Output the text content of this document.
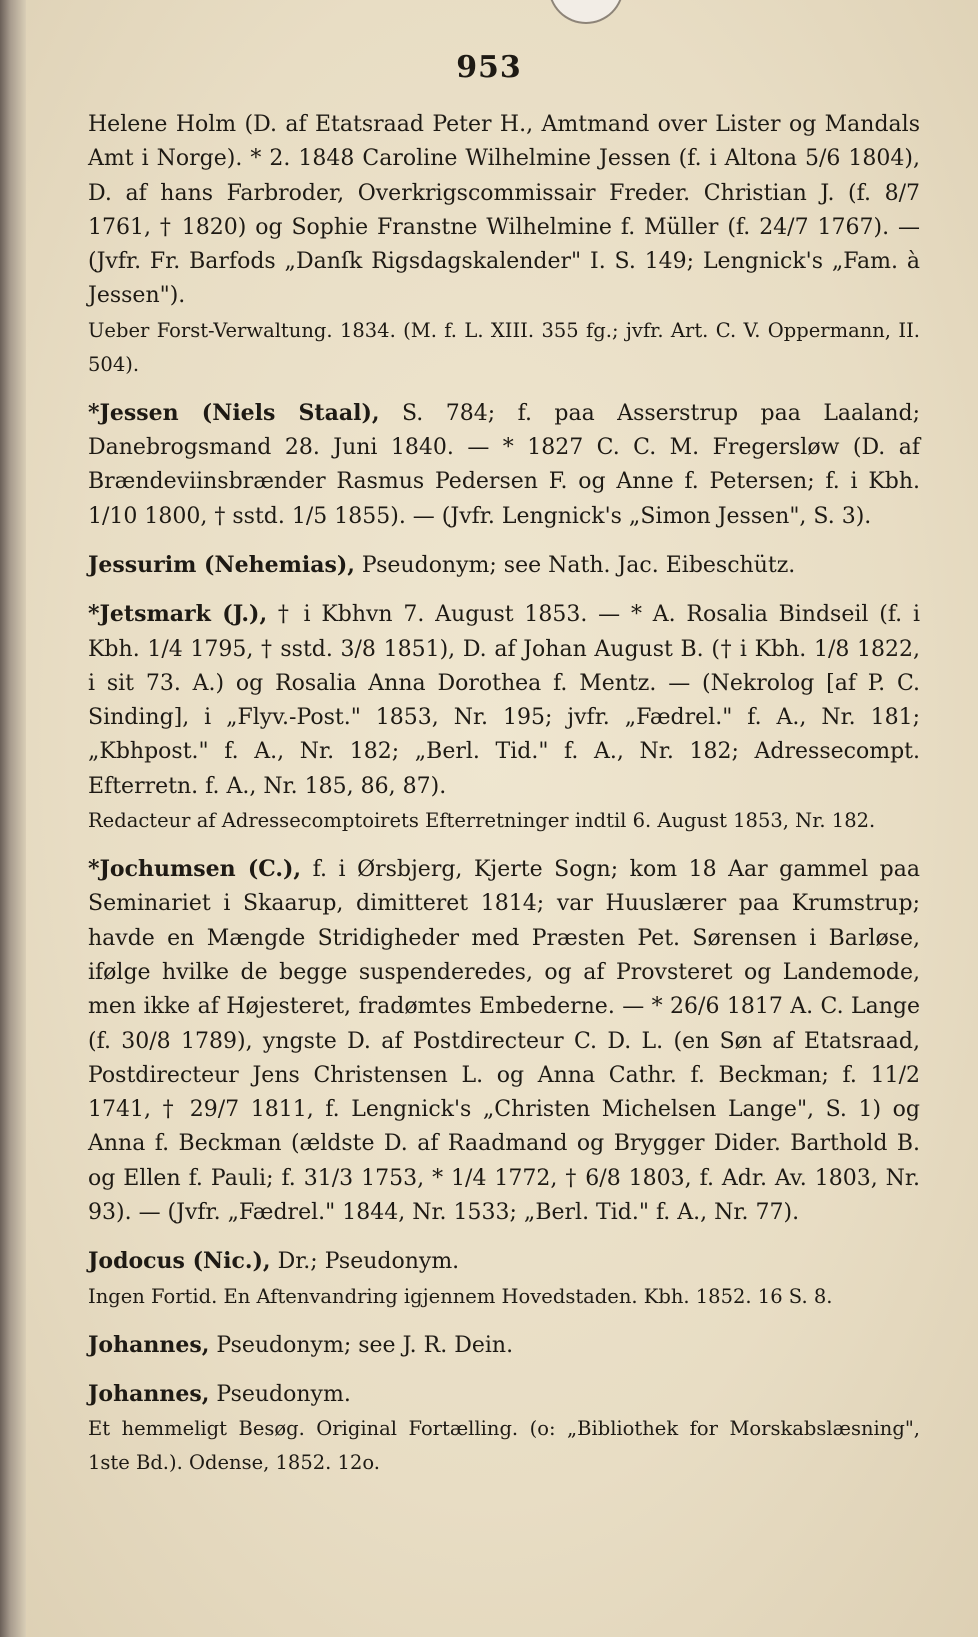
953

Helene Holm (D. af Etatsraad Peter H., Amtmand over Lister og Mandals Amt i Norge). * 2. 1848 Caroline Wilhelmine Jessen (f. i Altona 5/6 1804), D. af hans Farbroder, Overkrigscommissair Freder. Christian J. (f. 8/7 1761, † 1820) og Sophie Franstne Wilhelmine f. Müller (f. 24/7 1767). — (Jvfr. Fr. Barfods „Danſk Rigsdagskalender" I. S. 149; Lengnick's „Fam. à Jessen").

Ueber Forst-Verwaltung. 1834. (M. f. L. XIII. 355 fg.; jvfr. Art. C. V. Oppermann, II. 504).

*Jessen (Niels Staal), S. 784; f. paa Asserstrup paa Laaland; Danebrogsmand 28. Juni 1840. — * 1827 C. C. M. Fregersløw (D. af Brændeviinsbrænder Rasmus Pedersen F. og Anne f. Petersen; f. i Kbh. 1/10 1800, † sstd. 1/5 1855). — (Jvfr. Lengnick's „Simon Jessen", S. 3).

Jessurim (Nehemias), Pseudonym; see Nath. Jac. Eibeschütz.

*Jetsmark (J.), † i Kbhvn 7. August 1853. — * A. Rosalia Bindseil (f. i Kbh. 1/4 1795, † sstd. 3/8 1851), D. af Johan August B. († i Kbh. 1/8 1822, i sit 73. A.) og Rosalia Anna Dorothea f. Mentz. — (Nekrolog [af P. C. Sinding], i „Flyv.-Post." 1853, Nr. 195; jvfr. „Fædrel." f. A., Nr. 181; „Kbhpost." f. A., Nr. 182; „Berl. Tid." f. A., Nr. 182; Adressecompt. Efterretn. f. A., Nr. 185, 86, 87).

Redacteur af Adressecomptoirets Efterretninger indtil 6. August 1853, Nr. 182.

*Jochumsen (C.), f. i Ørsbjerg, Kjerte Sogn; kom 18 Aar gammel paa Seminariet i Skaarup, dimitteret 1814; var Huuslærer paa Krumstrup; havde en Mængde Stridigheder med Præsten Pet. Sørensen i Barløse, ifølge hvilke de begge suspenderedes, og af Provsteret og Landemode, men ikke af Højesteret, fradømtes Embederne. — * 26/6 1817 A. C. Lange (f. 30/8 1789), yngste D. af Postdirecteur C. D. L. (en Søn af Etatsraad, Postdirecteur Jens Christensen L. og Anna Cathr. f. Beckman; f. 11/2 1741, † 29/7 1811, f. Lengnick's „Christen Michelsen Lange", S. 1) og Anna f. Beckman (ældste D. af Raadmand og Brygger Dider. Barthold B. og Ellen f. Pauli; f. 31/3 1753, * 1/4 1772, † 6/8 1803, f. Adr. Av. 1803, Nr. 93). — (Jvfr. „Fædrel." 1844, Nr. 1533; „Berl. Tid." f. A., Nr. 77).

Jodocus (Nic.), Dr.; Pseudonym.

Ingen Fortid. En Aftenvandring igjennem Hovedstaden. Kbh. 1852. 16 S. 8.

Johannes, Pseudonym; see J. R. Dein.

Johannes, Pseudonym.

Et hemmeligt Besøg. Original Fortælling. (o: „Bibliothek for Morskabslæsning", 1ste Bd.). Odense, 1852. 12o.
